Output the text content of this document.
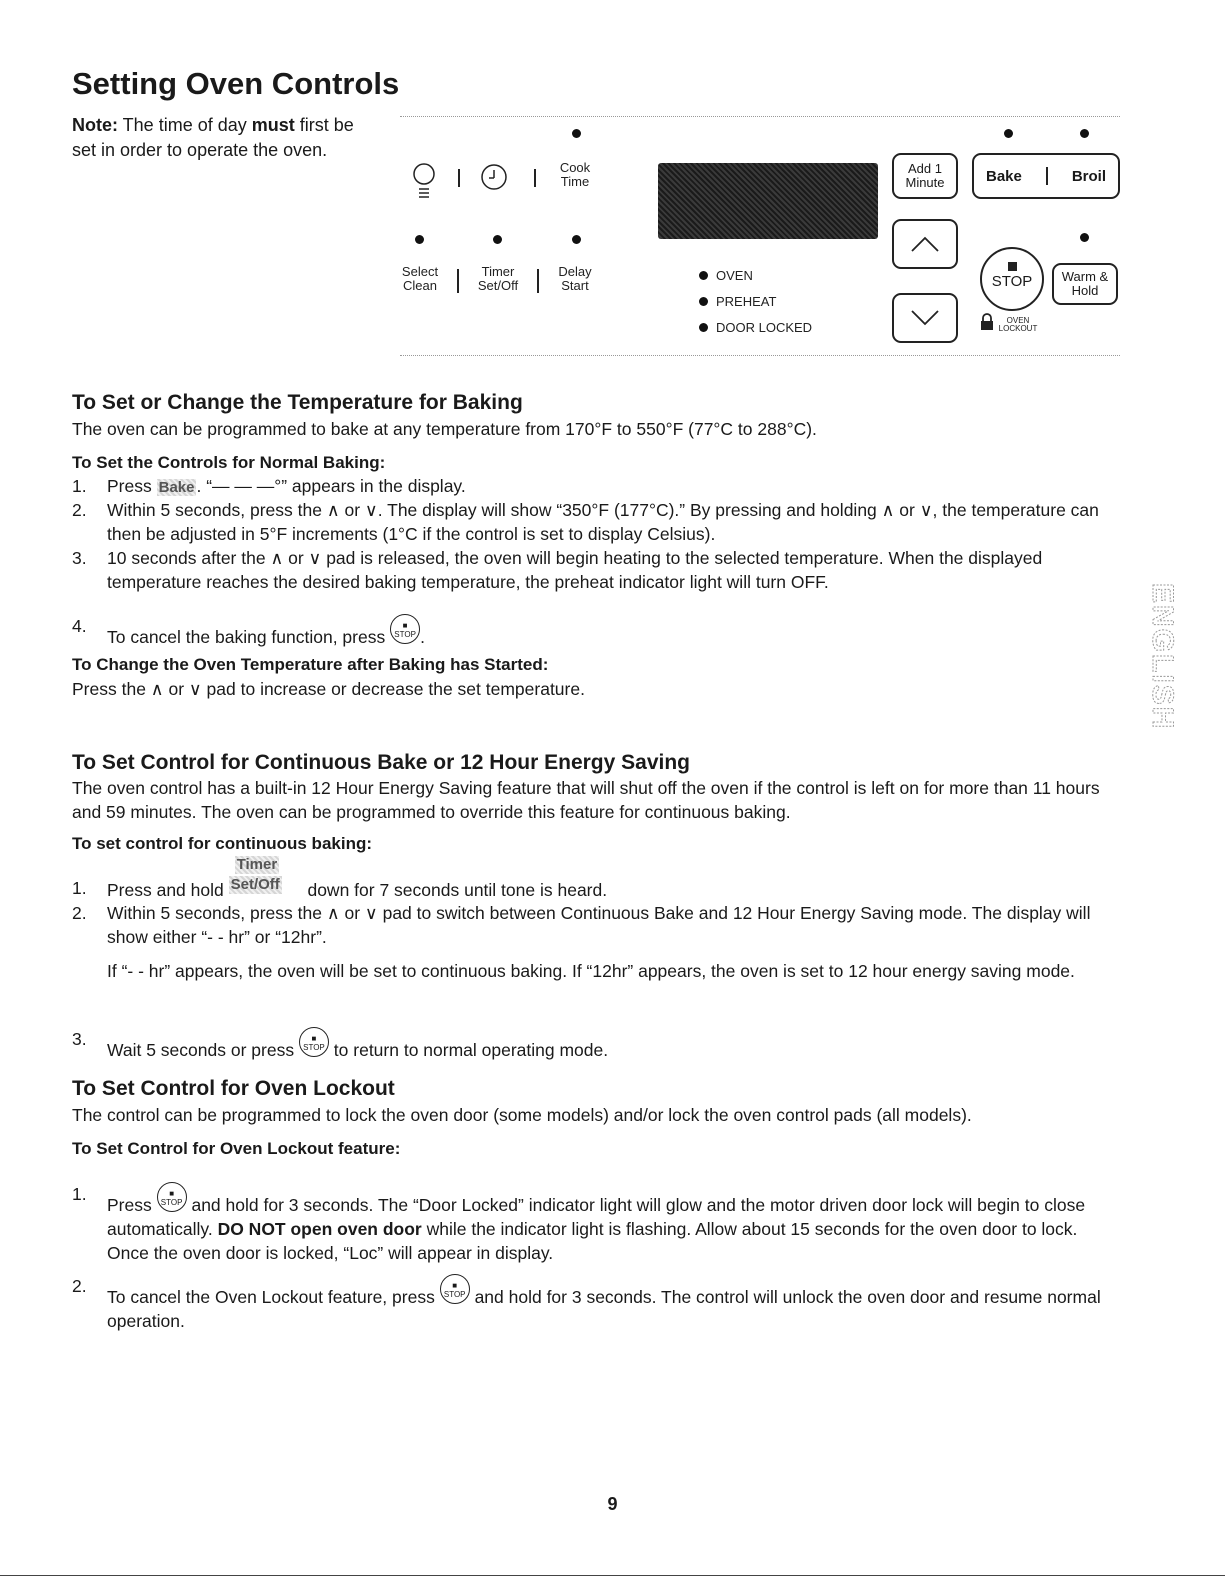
Setting Oven Controls
Note: The time of day must first be set in order to operate the oven.
Cook
Time
Select
Clean
Timer
Set/Off
Delay
Start
OVEN
PREHEAT
DOOR LOCKED
Add 1
Minute	Bake	Broil
STOP	Warm &
Hold
OVEN
LOCKOUT
To Set or Change the Temperature for Baking

The oven can be programmed to bake at any temperature from 170°F to 550°F (77°C to 288°C).

To Set the Controls for Normal Baking:
1. Press Bake . “— — —°” appears in the display.
2. Within 5 seconds, press the ∧ or ∨. The display will show “350°F (177°C).” By pressing and holding ∧ or ∨, the temperature can then be adjusted in 5°F increments (1°C if the control is set to display Celsius).
3. 10 seconds after the ∧ or ∨ pad is released, the oven will begin heating to the selected temperature. When the displayed temperature reaches the desired baking temperature, the preheat indicator light will turn OFF.
4.
To cancel the baking function, press ■
STOP .
To Change the Oven Temperature after Baking has Started:

Press the ∧ or ∨ pad to increase or decrease the set temperature.

To Set Control for Continuous Bake or 12 Hour Energy Saving

The oven control has a built-in 12 Hour Energy Saving feature that will shut off the oven if the control is left on for more than 11 hours and 59 minutes. The oven can be programmed to override this feature for continuous baking.

To set control for continuous baking:
1. Press and hold
Timer
Set/Off down for 7 seconds until tone is heard.
2. Within 5 seconds, press the ∧ or ∨ pad to switch between Continuous Bake and 12 Hour Energy Saving mode. The display will show either “- - hr” or “12hr”.
If “- - hr” appears, the oven will be set to continuous baking. If “12hr” appears, the oven is set to 12 hour energy saving mode.
3.
Wait 5 seconds or press ■
STOP to return to normal operating mode.
To Set Control for Oven Lockout

The control can be programmed to lock the oven door (some models) and/or lock the oven control pads (all models).

To Set Control for Oven Lockout feature:
1.
Press ■
STOP and hold for 3 seconds. The “Door Locked” indicator light will glow and the motor driven door lock will begin to close automatically. DO NOT open oven door while the indicator light is flashing. Allow about 15 seconds for the oven door to lock. Once the oven door is locked, “Loc” will appear in display.
2.
To cancel the Oven Lockout feature, press ■
STOP and hold for 3 seconds. The control will unlock the oven door and resume normal operation.
ENGLISH
9
